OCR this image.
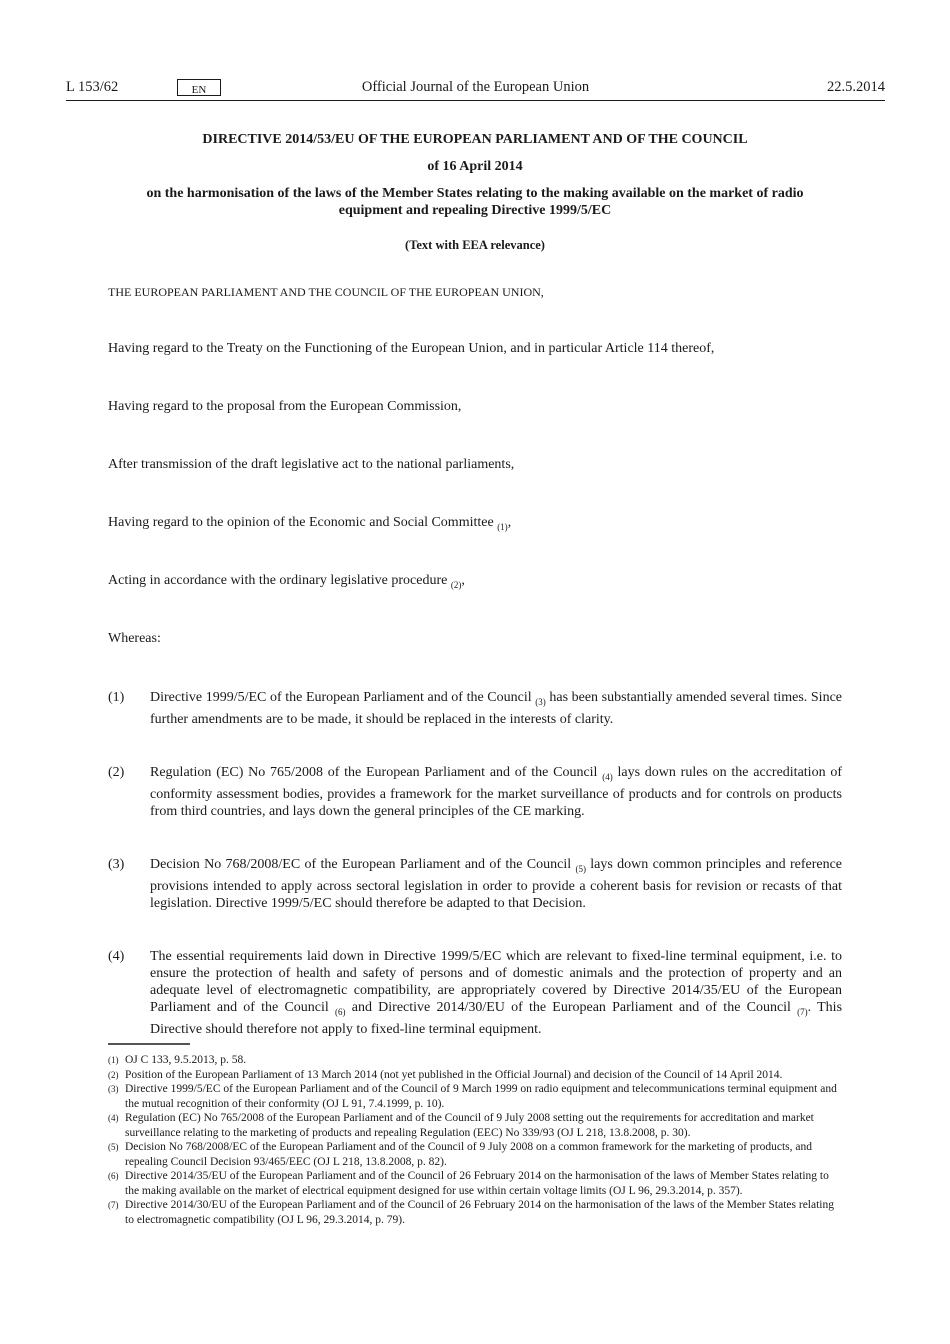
L 153/62	EN	Official Journal of the European Union	22.5.2014
DIRECTIVE 2014/53/EU OF THE EUROPEAN PARLIAMENT AND OF THE COUNCIL
of 16 April 2014
on the harmonisation of the laws of the Member States relating to the making available on the market of radio equipment and repealing Directive 1999/5/EC
(Text with EEA relevance)
THE EUROPEAN PARLIAMENT AND THE COUNCIL OF THE EUROPEAN UNION,
Having regard to the Treaty on the Functioning of the European Union, and in particular Article 114 thereof,
Having regard to the proposal from the European Commission,
After transmission of the draft legislative act to the national parliaments,
Having regard to the opinion of the Economic and Social Committee $_{(1)}$,
Acting in accordance with the ordinary legislative procedure $_{(2)}$,
Whereas:
(1) Directive 1999/5/EC of the European Parliament and of the Council $_{(3)}$ has been substantially amended several times. Since further amendments are to be made, it should be replaced in the interests of clarity.
(2) Regulation (EC) No 765/2008 of the European Parliament and of the Council $_{(4)}$ lays down rules on the accreditation of conformity assessment bodies, provides a framework for the market surveillance of products and for controls on products from third countries, and lays down the general principles of the CE marking.
(3) Decision No 768/2008/EC of the European Parliament and of the Council $_{(5)}$ lays down common principles and reference provisions intended to apply across sectoral legislation in order to provide a coherent basis for revision or recasts of that legislation. Directive 1999/5/EC should therefore be adapted to that Decision.
(4) The essential requirements laid down in Directive 1999/5/EC which are relevant to fixed-line terminal equipment, i.e. to ensure the protection of health and safety of persons and of domestic animals and the protection of property and an adequate level of electromagnetic compatibility, are appropriately covered by Directive 2014/35/EU of the European Parliament and of the Council $_{(6)}$ and Directive 2014/30/EU of the European Parliament and of the Council $_{(7)}$. This Directive should therefore not apply to fixed-line terminal equipment.

(1) OJ C 133, 9.5.2013, p. 58.

(2) Position of the European Parliament of 13 March 2014 (not yet published in the Official Journal) and decision of the Council of 14 April 2014.

(3) Directive 1999/5/EC of the European Parliament and of the Council of 9 March 1999 on radio equipment and telecommunications terminal equipment and the mutual recognition of their conformity (OJ L 91, 7.4.1999, p. 10).

(4) Regulation (EC) No 765/2008 of the European Parliament and of the Council of 9 July 2008 setting out the requirements for accreditation and market surveillance relating to the marketing of products and repealing Regulation (EEC) No 339/93 (OJ L 218, 13.8.2008, p. 30).

(5) Decision No 768/2008/EC of the European Parliament and of the Council of 9 July 2008 on a common framework for the marketing of products, and repealing Council Decision 93/465/EEC (OJ L 218, 13.8.2008, p. 82).

(6) Directive 2014/35/EU of the European Parliament and of the Council of 26 February 2014 on the harmonisation of the laws of Member States relating to the making available on the market of electrical equipment designed for use within certain voltage limits (OJ L 96, 29.3.2014, p. 357).

(7) Directive 2014/30/EU of the European Parliament and of the Council of 26 February 2014 on the harmonisation of the laws of the Member States relating to electromagnetic compatibility (OJ L 96, 29.3.2014, p. 79).
